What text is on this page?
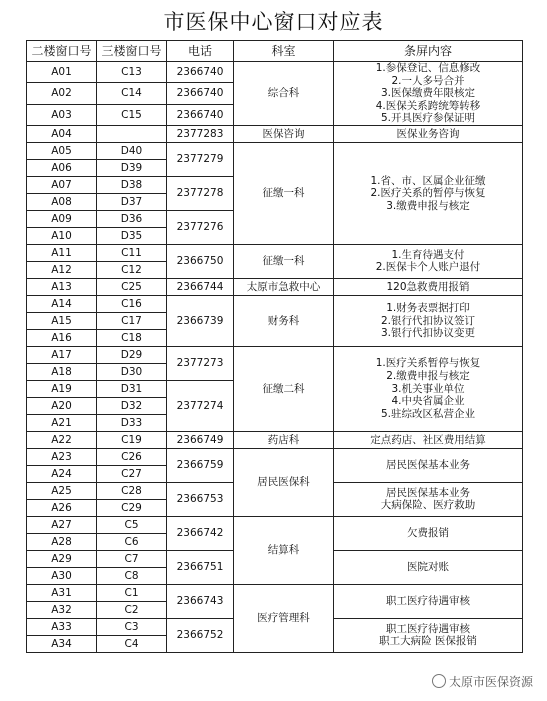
市医保中心窗口对应表
二楼窗口号	三楼窗口号	电话	科室	条屏内容
A01	C13	2366740	综合科	1.参保登记、信息修改
2.一人多号合并
3.医保缴费年限核定
4.医保关系跨统筹转移
5.开具医疗参保证明

A02	C14	2366740		
A03	C15	2366740		
A04		2377283	医保咨询	医保业务咨询

A05	D40	2377279	征缴一科	1.省、市、区属企业征缴
2.医疗关系的暂停与恢复
3.缴费申报与核定

A06	D39			
A07	D38	2377278		
A08	D37			
A09	D36	2377276		
A10	D35			
A11	C11	2366750	征缴一科	1.生育待遇支付
2.医保卡个人账户退付

A12	C12			
A13	C25	2366744	太原市急救中心	120急救费用报销

A14	C16	2366739	财务科	1.财务表票据打印
2.银行代扣协议签订
3.银行代扣协议变更

A15	C17			
A16	C18			
A17	D29	2377273	征缴二科	1.医疗关系暂停与恢复
2.缴费申报与核定
3.机关事业单位
4.中央省属企业
5.驻综改区私营企业

A18	D30			
A19	D31	2377274		
A20	D32			
A21	D33			
A22	C19	2366749	药店科	定点药店、社区费用结算

A23	C26	2366759	居民医保科	居民医保基本业务

A24	C27			
A25	C28	2366753		居民医保基本业务
大病保险、医疗救助

A26	C29			
A27	C5	2366742	结算科	欠费报销

A28	C6			
A29	C7	2366751		医院对账

A30	C8			
A31	C1	2366743	医疗管理科	职工医疗待遇审核

A32	C2			
A33	C3	2366752		职工医疗待遇审核
职工大病险 医保报销

A34	C4			
太原市医保资源
